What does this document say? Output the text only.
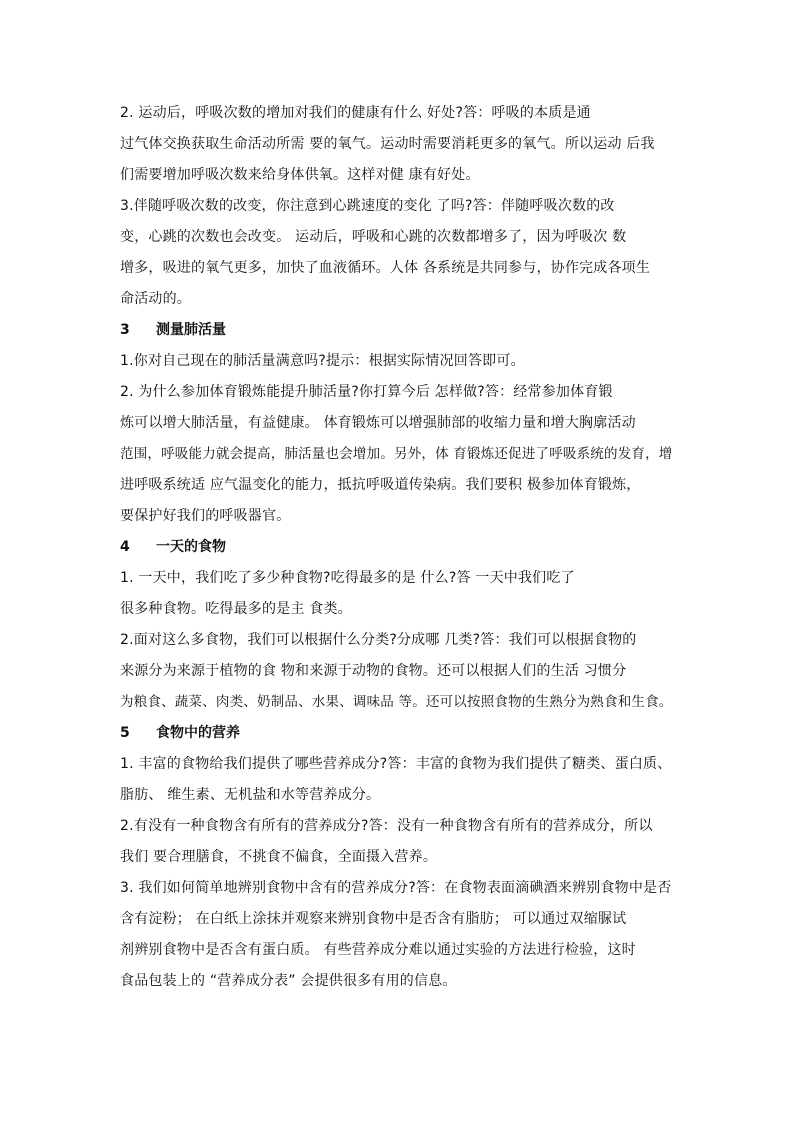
2. 运动后，呼吸次数的增加对我们的健康有什么 好处?答：呼吸的本质是通
过气体交换获取生命活动所需 要的氧气。运动时需要消耗更多的氧气。所以运动 后我
们需要增加呼吸次数来给身体供氧。这样对健 康有好处。
3.伴随呼吸次数的改变，你注意到心跳速度的变化 了吗?答：伴随呼吸次数的改
变，心跳的次数也会改变。 运动后，呼吸和心跳的次数都增多了，因为呼吸次 数
增多，吸进的氧气更多，加快了血液循环。人体 各系统是共同参与，协作完成各项生
命活动的。
3 测量肺活量
1.你对自己现在的肺活量满意吗?提示：根据实际情况回答即可。
2. 为什么参加体育锻炼能提升肺活量?你打算今后 怎样做?答：经常参加体育锻
炼可以增大肺活量，有益健康。 体育锻炼可以增强肺部的收缩力量和增大胸廓活动
范围，呼吸能力就会提高，肺活量也会增加。另外，体 育锻炼还促进了呼吸系统的发育，增
进呼吸系统适 应气温变化的能力，抵抗呼吸道传染病。我们要积 极参加体育锻炼，
要保护好我们的呼吸器官。
4 一天的食物
1. 一天中，我们吃了多少种食物?吃得最多的是 什么?答 一天中我们吃了
很多种食物。吃得最多的是主 食类。
2.面对这么多食物，我们可以根据什么分类?分成哪 几类?答：我们可以根据食物的
来源分为来源于植物的食 物和来源于动物的食物。还可以根据人们的生活 习惯分
为粮食、蔬菜、肉类、奶制品、水果、调味品 等。还可以按照食物的生熟分为熟食和生食。
5 食物中的营养
1. 丰富的食物给我们提供了哪些营养成分?答：丰富的食物为我们提供了糖类、蛋白质、
脂肪、 维生素、无机盐和水等营养成分。
2.有没有一种食物含有所有的营养成分?答：没有一种食物含有所有的营养成分，所以
我们 要合理膳食，不挑食不偏食，全面摄入营养。
3. 我们如何简单地辨别食物中含有的营养成分?答：在食物表面滴碘酒来辨别食物中是否
含有淀粉； 在白纸上涂抹并观察来辨别食物中是否含有脂肪； 可以通过双缩脲试
剂辨别食物中是否含有蛋白质。 有些营养成分难以通过实验的方法进行检验，这时
食品包装上的 “营养成分表” 会提供很多有用的信息。
